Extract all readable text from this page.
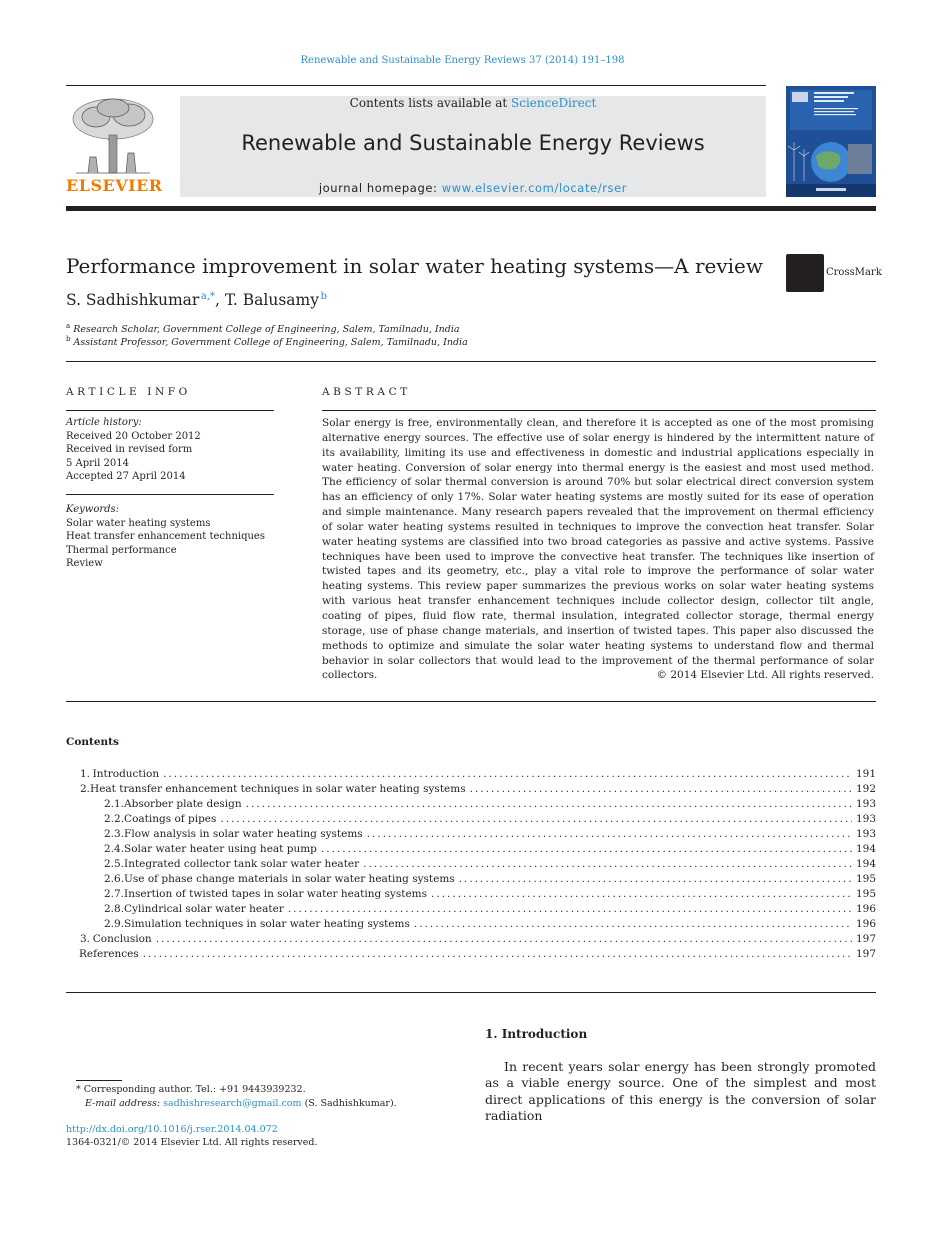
Renewable and Sustainable Energy Reviews 37 (2014) 191–198
ELSEVIER
Contents lists available at ScienceDirect
Renewable and Sustainable Energy Reviews
journal homepage: www.elsevier.com/locate/rser
Performance improvement in solar water heating systems—A review	CrossMark
S. Sadhishkumar  $^{a,*}$, T. Balusamy  $^b$
$^a$ Research Scholar, Government College of Engineering, Salem, Tamilnadu, India
$^b$ Assistant Professor, Government College of Engineering, Salem, Tamilnadu, India
ARTICLE INFO	ABSTRACT
Article history:
Received 20 October 2012
Received in revised form
5 April 2014
Accepted 27 April 2014
Keywords:
Solar water heating systems
Heat transfer enhancement techniques
Thermal performance
Review
Solar energy is free, environmentally clean, and therefore it is accepted as one of the most promising alternative energy sources. The effective use of solar energy is hindered by the intermittent nature of its availability, limiting its use and effectiveness in domestic and industrial applications especially in water heating. Conversion of solar energy into thermal energy is the easiest and most used method. The efficiency of solar thermal conversion is around 70% but solar electrical direct conversion system has an efficiency of only 17%. Solar water heating systems are mostly suited for its ease of operation and simple maintenance. Many research papers revealed that the improvement on thermal efficiency of solar water heating systems resulted in techniques to improve the convection heat transfer. Solar water heating systems are classified into two broad categories as passive and active systems. Passive techniques have been used to improve the convective heat transfer. The techniques like insertion of twisted tapes and its geometry, etc., play a vital role to improve the performance of solar water heating systems. This review paper summarizes the previous works on solar water heating systems with various heat transfer enhancement techniques include collector design, collector tilt angle, coating of pipes, fluid flow rate, thermal insulation, integrated collector storage, thermal energy storage, use of phase change materials, and insertion of twisted tapes. This paper also discussed the methods to optimize and simulate the solar water heating systems to understand flow and thermal behavior in solar collectors that would lead to the improvement of the thermal performance of solar collectors.	© 2014 Elsevier Ltd. All rights reserved.
Contents
1. Introduction .....	191
2. Heat transfer enhancement techniques in solar water heating systems .....	192
2.1. Absorber plate design .....	193
2.2. Coatings of pipes .....	193
2.3. Flow analysis in solar water heating systems .....	193
2.4. Solar water heater using heat pump .....	194
2.5. Integrated collector tank solar water heater .....	194
2.6. Use of phase change materials in solar water heating systems .....	195
2.7. Insertion of twisted tapes in solar water heating systems .....	195
2.8. Cylindrical solar water heater .....	196
2.9. Simulation techniques in solar water heating systems .....	196
3. Conclusion .....	197
References .....	197
1. Introduction
In recent years solar energy has been strongly promoted as a viable energy source. One of the simplest and most direct applications of this energy is the conversion of solar radiation
* Corresponding author. Tel.: +91 9443939232.
E-mail address: sadhishresearch@gmail.com (S. Sadhishkumar).
http://dx.doi.org/10.1016/j.rser.2014.04.072
1364-0321/© 2014 Elsevier Ltd. All rights reserved.
